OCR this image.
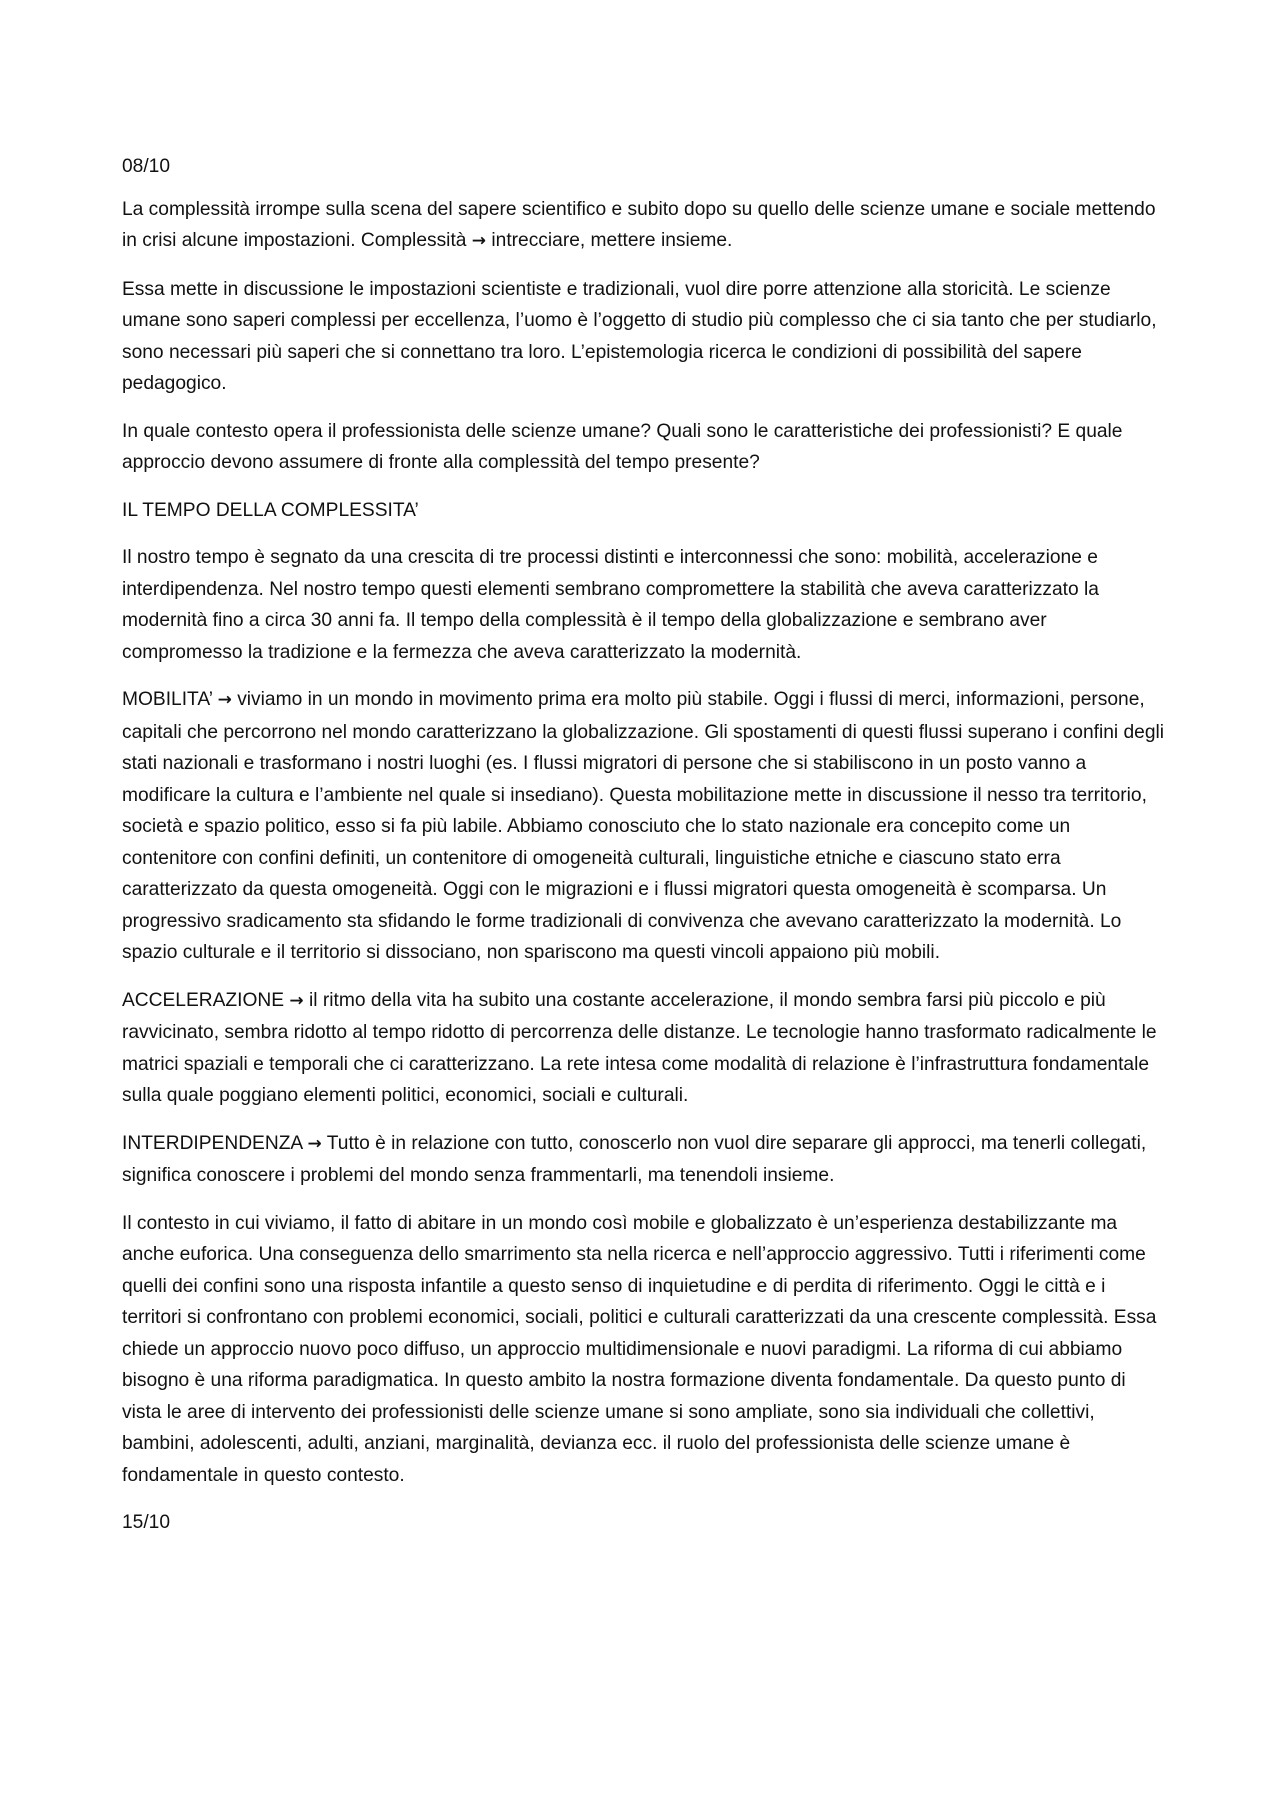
08/10

La complessità irrompe sulla scena del sapere scientifico e subito dopo su quello delle scienze umane e sociale mettendo in crisi alcune impostazioni. Complessità → intrecciare, mettere insieme.

Essa mette in discussione le impostazioni scientiste e tradizionali, vuol dire porre attenzione alla storicità. Le scienze umane sono saperi complessi per eccellenza, l’uomo è l’oggetto di studio più complesso che ci sia tanto che per studiarlo, sono necessari più saperi che si connettano tra loro. L’epistemologia ricerca le condizioni di possibilità del sapere pedagogico.

In quale contesto opera il professionista delle scienze umane? Quali sono le caratteristiche dei professionisti? E quale approccio devono assumere di fronte alla complessità del tempo presente?

IL TEMPO DELLA COMPLESSITA’

Il nostro tempo è segnato da una crescita di tre processi distinti e interconnessi che sono: mobilità, accelerazione e interdipendenza. Nel nostro tempo questi elementi sembrano compromettere la stabilità che aveva caratterizzato la modernità fino a circa 30 anni fa. Il tempo della complessità è il tempo della globalizzazione e sembrano aver compromesso la tradizione e la fermezza che aveva caratterizzato la modernità.

MOBILITA’ → viviamo in un mondo in movimento prima era molto più stabile. Oggi i flussi di merci, informazioni, persone, capitali che percorrono nel mondo caratterizzano la globalizzazione. Gli spostamenti di questi flussi superano i confini degli stati nazionali e trasformano i nostri luoghi (es. I flussi migratori di persone che si stabiliscono in un posto vanno a modificare la cultura e l’ambiente nel quale si insediano). Questa mobilitazione mette in discussione il nesso tra territorio, società e spazio politico, esso si fa più labile. Abbiamo conosciuto che lo stato nazionale era concepito come un contenitore con confini definiti, un contenitore di omogeneità culturali, linguistiche etniche e ciascuno stato erra caratterizzato da questa omogeneità. Oggi con le migrazioni e i flussi migratori questa omogeneità è scomparsa. Un progressivo sradicamento sta sfidando le forme tradizionali di convivenza che avevano caratterizzato la modernità. Lo spazio culturale e il territorio si dissociano, non spariscono ma questi vincoli appaiono più mobili.

ACCELERAZIONE → il ritmo della vita ha subito una costante accelerazione, il mondo sembra farsi più piccolo e più ravvicinato, sembra ridotto al tempo ridotto di percorrenza delle distanze. Le tecnologie hanno trasformato radicalmente le matrici spaziali e temporali che ci caratterizzano. La rete intesa come modalità di relazione è l’infrastruttura fondamentale sulla quale poggiano elementi politici, economici, sociali e culturali.

INTERDIPENDENZA → Tutto è in relazione con tutto, conoscerlo non vuol dire separare gli approcci, ma tenerli collegati, significa conoscere i problemi del mondo senza frammentarli, ma tenendoli insieme.

Il contesto in cui viviamo, il fatto di abitare in un mondo così mobile e globalizzato è un’esperienza destabilizzante ma anche euforica. Una conseguenza dello smarrimento sta nella ricerca e nell’approccio aggressivo. Tutti i riferimenti come quelli dei confini sono una risposta infantile a questo senso di inquietudine e di perdita di riferimento. Oggi le città e i territori si confrontano con problemi economici, sociali, politici e culturali caratterizzati da una crescente complessità. Essa chiede un approccio nuovo poco diffuso, un approccio multidimensionale e nuovi paradigmi. La riforma di cui abbiamo bisogno è una riforma paradigmatica. In questo ambito la nostra formazione diventa fondamentale. Da questo punto di vista le aree di intervento dei professionisti delle scienze umane si sono ampliate, sono sia individuali che collettivi, bambini, adolescenti, adulti, anziani, marginalità, devianza ecc. il ruolo del professionista delle scienze umane è fondamentale in questo contesto.

15/10
